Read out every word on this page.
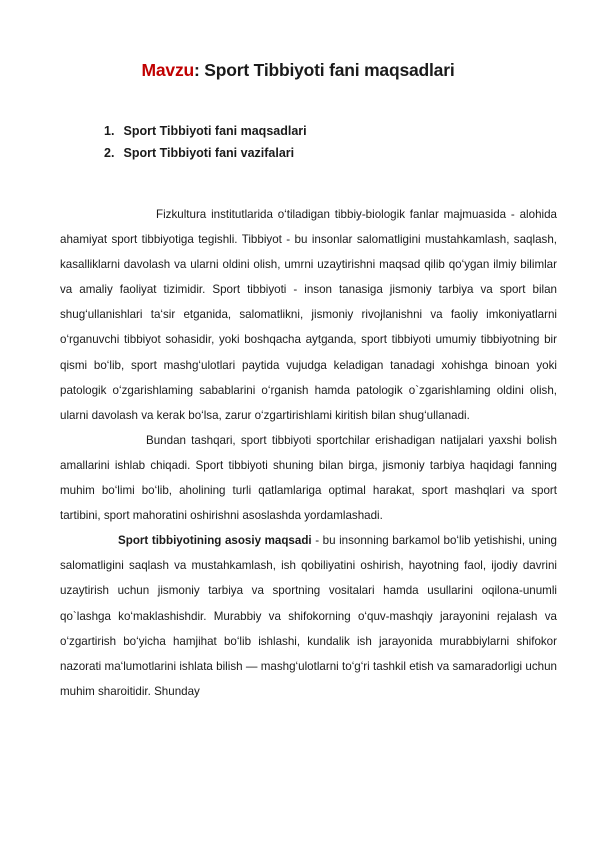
Mavzu: Sport Tibbiyoti fani maqsadlari
1. Sport Tibbiyoti fani maqsadlari
2. Sport Tibbiyoti fani vazifalari

Fizkultura institutlarida o‘tiladigan tibbiy-biologik fanlar majmuasida - alohida ahamiyat sport tibbiyotiga tegishli. Tibbiyot - bu insonlar salomatligini mustahkamlash, saqlash, kasalliklarni davolash va ularni oldini olish, umrni uzaytirishni maqsad qilib qo‘ygan ilmiy bilimlar va amaliy faoliyat tizimidir. Sport tibbiyoti - inson tanasiga jismoniy tarbiya va sport bilan shug‘ullanishlari ta‘sir etganida, salomatlikni, jismoniy rivojlanishni va faoliy imkoniyatlarni o‘rganuvchi tibbiyot sohasidir, yoki boshqacha aytganda, sport tibbiyoti umumiy tibbiyotning bir qismi bo‘lib, sport mashg‘ulotlari paytida vujudga keladigan tanadagi xohishga binoan yoki patologik o‘zgarishlaming sabablarini o‘rganish hamda patologik o`zgarishlaming oldini olish, ularni davolash va kerak bo‘lsa, zarur o‘zgartirishlami kiritish bilan shug‘ullanadi.

Bundan tashqari, sport tibbiyoti sportchilar erishadigan natijalari yaxshi bolish amallarini ishlab chiqadi. Sport tibbiyoti shuning bilan birga, jismoniy tarbiya haqidagi fanning muhim bo‘limi bo‘lib, aholining turli qatlamlariga optimal harakat, sport mashqlari va sport tartibini, sport mahoratini oshirishni asoslashda yordamlashadi.

Sport tibbiyotining asosiy maqsadi - bu insonning barkamol bo‘lib yetishishi, uning salomatligini saqlash va mustahkamlash, ish qobiliyatini oshirish, hayotning faol, ijodiy davrini uzaytirish uchun jismoniy tarbiya va sportning vositalari hamda usullarini oqilona-unumli qo`lashga ko‘maklashishdir. Murabbiy va shifokorning o‘quv-mashqiy jarayonini rejalash va o‘zgartirish bo‘yicha hamjihat bo‘lib ishlashi, kundalik ish jarayonida murabbiylarni shifokor nazorati ma‘lumotlarini ishlata bilish — mashg‘ulotlarni to‘g‘ri tashkil etish va samaradorligi uchun muhim sharoitidir. Shunday
